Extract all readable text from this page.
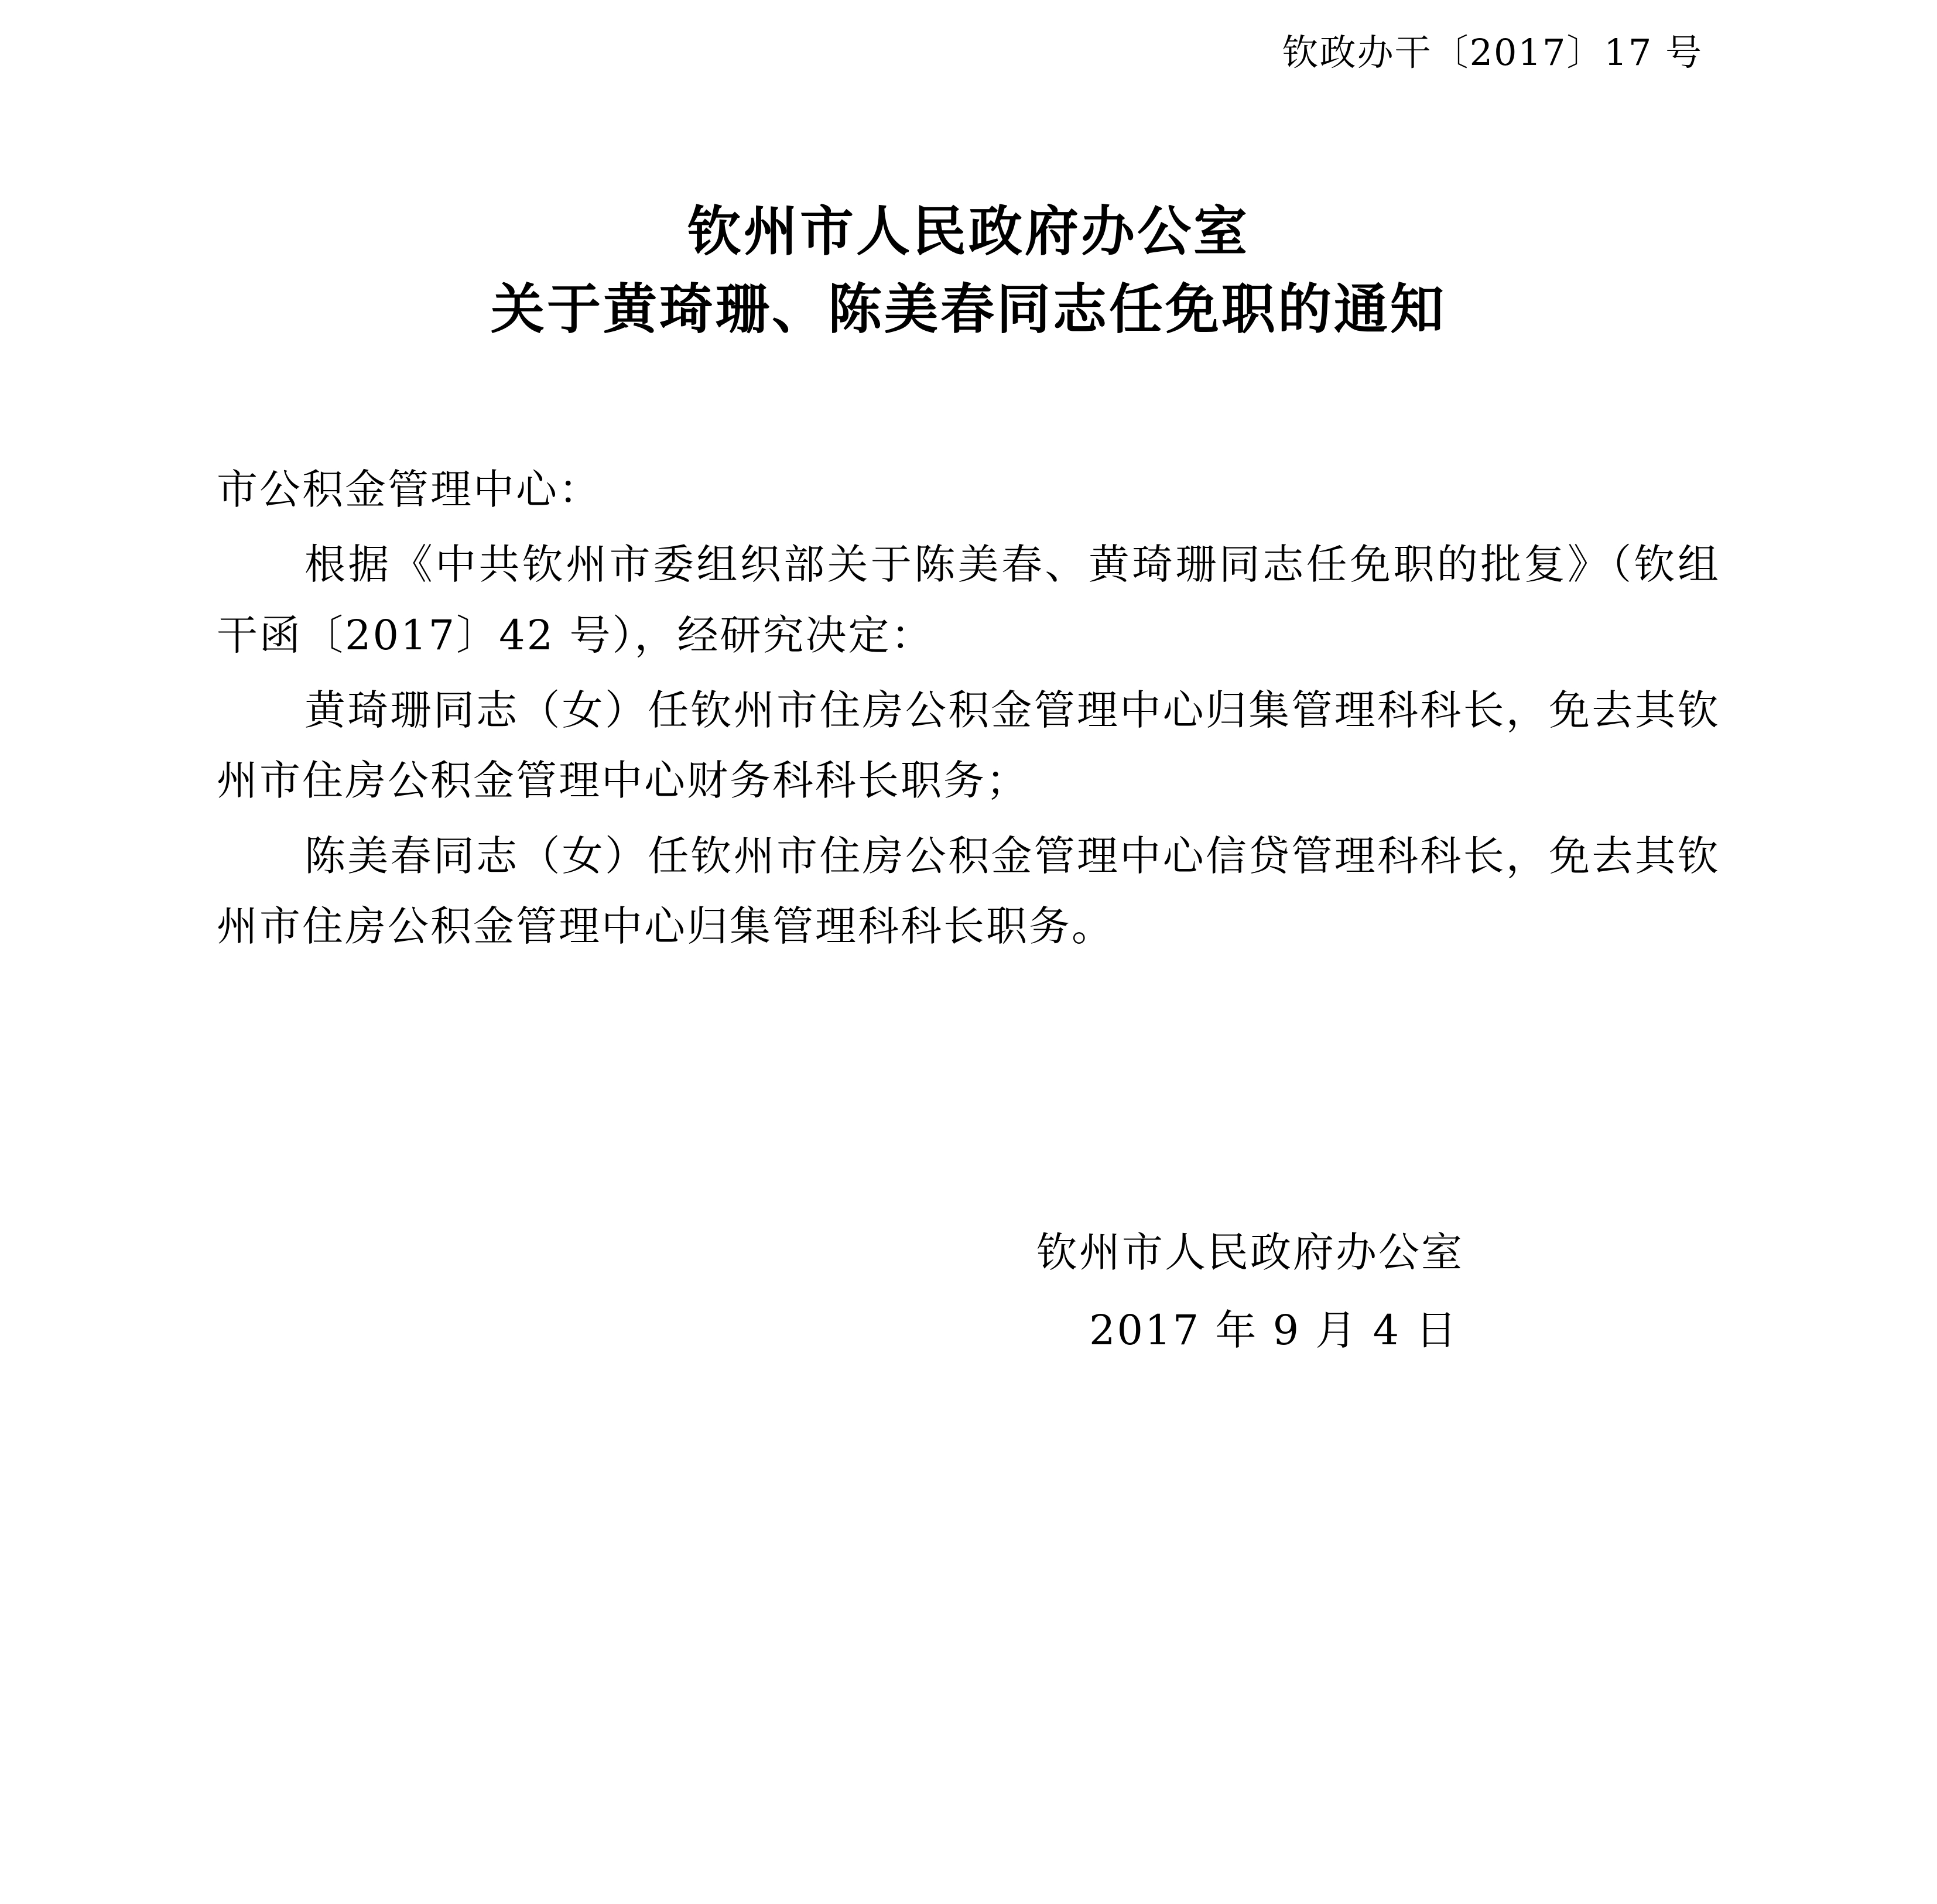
钦政办干〔2017〕17 号
钦州市人民政府办公室
关于黄琦珊、陈美春同志任免职的通知

市公积金管理中心：

根据《中共钦州市委组织部关于陈美春、黄琦珊同志任免职的批复》（钦组干函〔2017〕42 号），经研究决定：

黄琦珊同志（女）任钦州市住房公积金管理中心归集管理科科长，免去其钦州市住房公积金管理中心财务科科长职务；

陈美春同志（女）任钦州市住房公积金管理中心信贷管理科科长，免去其钦州市住房公积金管理中心归集管理科科长职务。

钦州市人民政府办公室
2017 年 9 月 4 日
